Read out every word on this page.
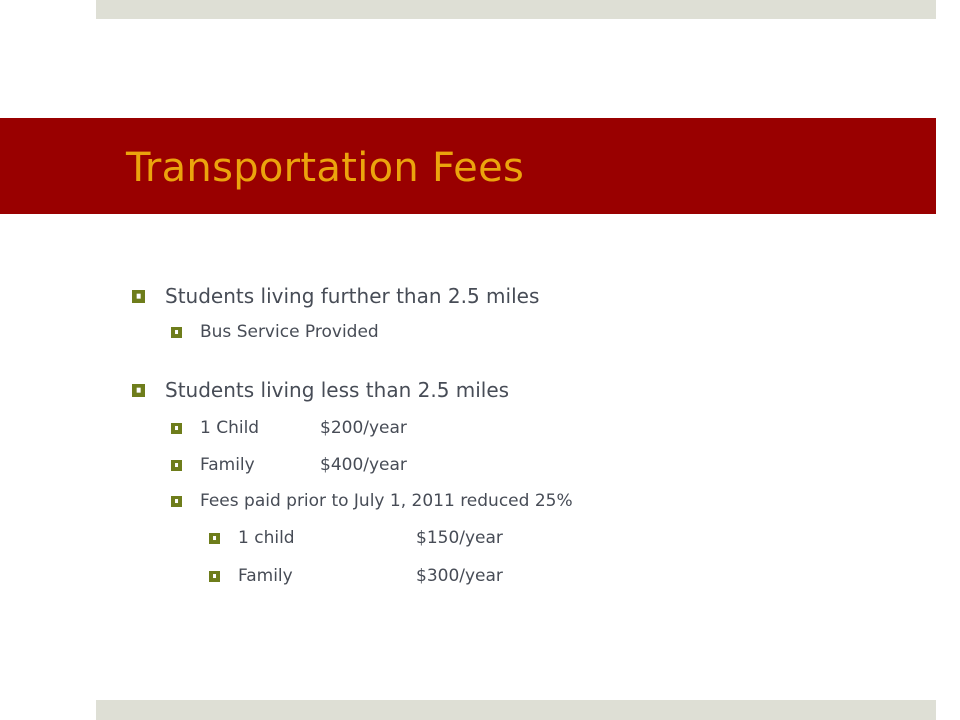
Transportation Fees
Students living further than 2.5 miles
Bus Service Provided
Students living less than 2.5 miles
1 Child	$200/year
Family	$400/year
Fees paid prior to July 1, 2011 reduced 25%
1 child	$150/year
Family	$300/year
